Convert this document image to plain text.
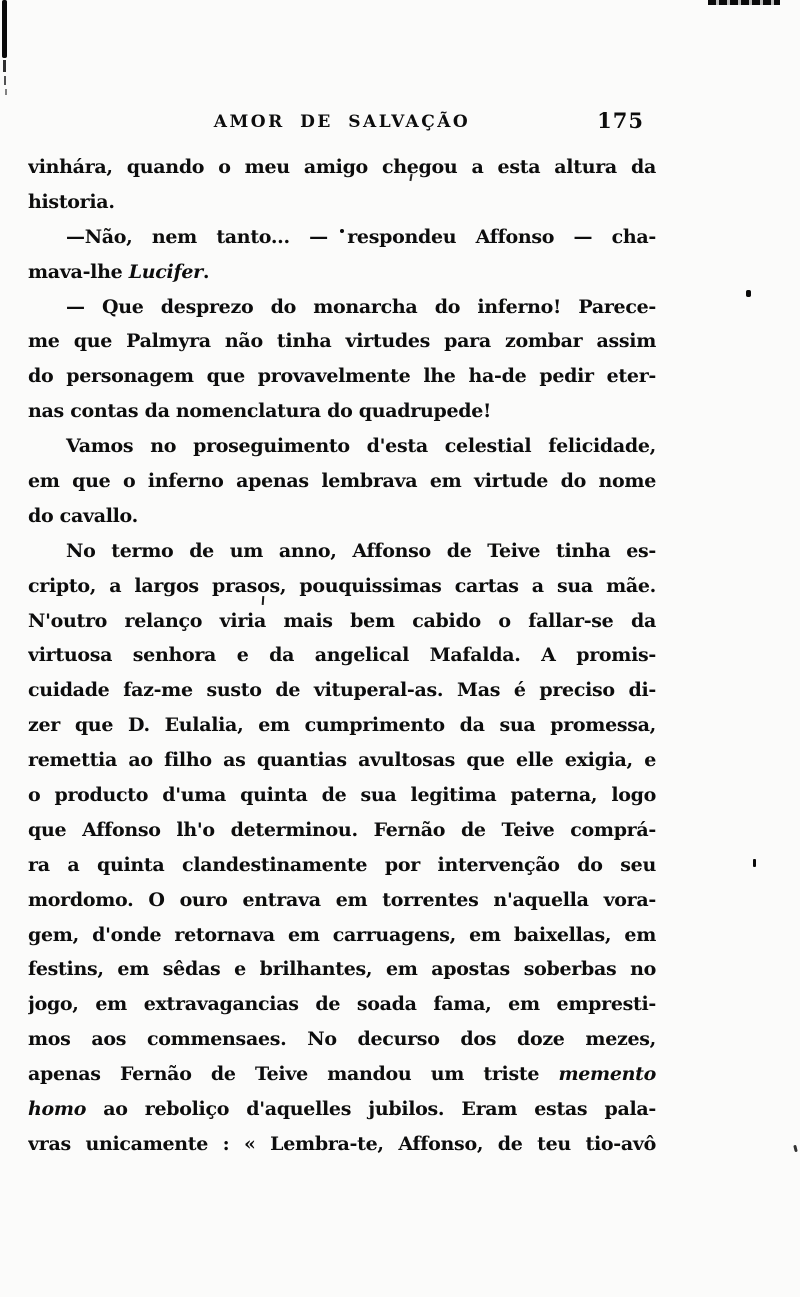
AMOR DE SALVAÇÃO	175
vinhára, quando o meu amigo chegou a esta altura da
historia.
—Não, nem tanto... — respondeu Affonso — cha-
mava-lhe Lucifer.
— Que desprezo do monarcha do inferno! Parece-
me que Palmyra não tinha virtudes para zombar assim
do personagem que provavelmente lhe ha-de pedir eter-
nas contas da nomenclatura do quadrupede!
Vamos no proseguimento d'esta celestial felicidade,
em que o inferno apenas lembrava em virtude do nome
do cavallo.
No termo de um anno, Affonso de Teive tinha es-
cripto, a largos prasos, pouquissimas cartas a sua mãe.
N'outro relanço viria mais bem cabido o fallar-se da
virtuosa senhora e da angelical Mafalda. A promis-
cuidade faz-me susto de vituperal-as. Mas é preciso di-
zer que D. Eulalia, em cumprimento da sua promessa,
remettia ao filho as quantias avultosas que elle exigia, e
o producto d'uma quinta de sua legitima paterna, logo
que Affonso lh'o determinou. Fernão de Teive comprá-
ra a quinta clandestinamente por intervenção do seu
mordomo. O ouro entrava em torrentes n'aquella vora-
gem, d'onde retornava em carruagens, em baixellas, em
festins, em sêdas e brilhantes, em apostas soberbas no
jogo, em extravagancias de soada fama, em empresti-
mos aos commensaes. No decurso dos doze mezes,
apenas Fernão de Teive mandou um triste memento
homo ao reboliço d'aquelles jubilos. Eram estas pala-
vras unicamente : « Lembra-te, Affonso, de teu tio-avô
